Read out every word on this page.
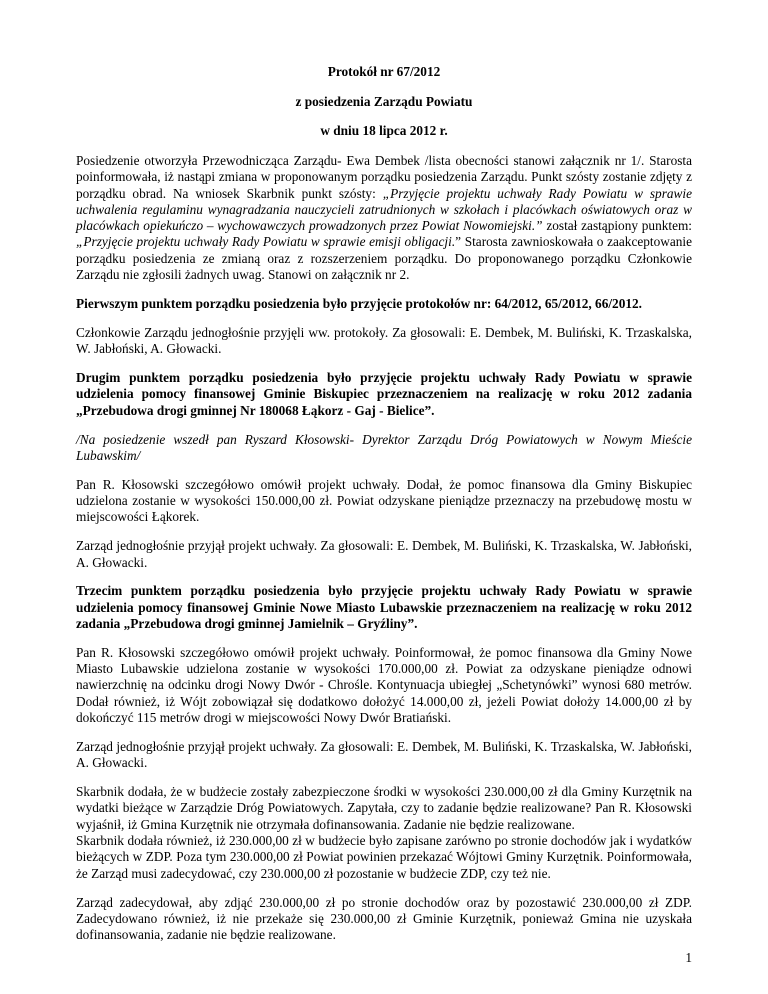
Protokół nr 67/2012
z posiedzenia Zarządu Powiatu
w dniu 18 lipca 2012 r.

Posiedzenie otworzyła Przewodnicząca Zarządu- Ewa Dembek /lista obecności stanowi załącznik nr 1/. Starosta poinformowała, iż nastąpi zmiana w proponowanym porządku posiedzenia Zarządu. Punkt szósty zostanie zdjęty z porządku obrad. Na wniosek Skarbnik punkt szósty: „Przyjęcie projektu uchwały Rady Powiatu w sprawie uchwalenia regulaminu wynagradzania nauczycieli zatrudnionych w szkołach i placówkach oświatowych oraz w placówkach opiekuńczo – wychowawczych prowadzonych przez Powiat Nowomiejski.” został zastąpiony punktem: „Przyjęcie projektu uchwały Rady Powiatu w sprawie emisji obligacji.” Starosta zawnioskowała o zaakceptowanie porządku posiedzenia ze zmianą oraz z rozszerzeniem porządku. Do proponowanego porządku Członkowie Zarządu nie zgłosili żadnych uwag. Stanowi on załącznik nr 2.

Pierwszym punktem porządku posiedzenia było przyjęcie protokołów nr: 64/2012, 65/2012, 66/2012.

Członkowie Zarządu jednogłośnie przyjęli ww. protokoły. Za głosowali: E. Dembek, M. Buliński, K. Trzaskalska, W. Jabłoński, A. Głowacki.

Drugim punktem porządku posiedzenia było przyjęcie projektu uchwały Rady Powiatu w sprawie udzielenia pomocy finansowej Gminie Biskupiec przeznaczeniem na realizację w roku 2012 zadania „Przebudowa drogi gminnej Nr 180068 Łąkorz - Gaj - Bielice”.

/Na posiedzenie wszedł pan Ryszard Kłosowski- Dyrektor Zarządu Dróg Powiatowych w Nowym Mieście Lubawskim/

Pan R. Kłosowski szczegółowo omówił projekt uchwały. Dodał, że pomoc finansowa dla Gminy Biskupiec udzielona zostanie w wysokości 150.000,00 zł. Powiat odzyskane pieniądze przeznaczy na przebudowę mostu w miejscowości Łąkorek.

Zarząd jednogłośnie przyjął projekt uchwały. Za głosowali: E. Dembek, M. Buliński, K. Trzaskalska, W. Jabłoński, A. Głowacki.

Trzecim punktem porządku posiedzenia było przyjęcie projektu uchwały Rady Powiatu w sprawie udzielenia pomocy finansowej Gminie Nowe Miasto Lubawskie przeznaczeniem na realizację w roku 2012 zadania „Przebudowa drogi gminnej Jamielnik – Gryźliny”.

Pan R. Kłosowski szczegółowo omówił projekt uchwały. Poinformował, że pomoc finansowa dla Gminy Nowe Miasto Lubawskie udzielona zostanie w wysokości 170.000,00 zł. Powiat za odzyskane pieniądze odnowi nawierzchnię na odcinku drogi Nowy Dwór - Chrośle. Kontynuacja ubiegłej „Schetynówki” wynosi 680 metrów. Dodał również, iż Wójt zobowiązał się dodatkowo dołożyć 14.000,00 zł, jeżeli Powiat dołoży 14.000,00 zł by dokończyć 115 metrów drogi w miejscowości Nowy Dwór Bratiański.

Zarząd jednogłośnie przyjął projekt uchwały. Za głosowali: E. Dembek, M. Buliński, K. Trzaskalska, W. Jabłoński, A. Głowacki.

Skarbnik dodała, że w budżecie zostały zabezpieczone środki w wysokości 230.000,00 zł dla Gminy Kurzętnik na wydatki bieżące w Zarządzie Dróg Powiatowych. Zapytała, czy to zadanie będzie realizowane? Pan R. Kłosowski wyjaśnił, iż Gmina Kurzętnik nie otrzymała dofinansowania. Zadanie nie będzie realizowane.

Skarbnik dodała również, iż 230.000,00 zł w budżecie było zapisane zarówno po stronie dochodów jak i wydatków bieżących w ZDP. Poza tym 230.000,00 zł Powiat powinien przekazać Wójtowi Gminy Kurzętnik. Poinformowała, że Zarząd musi zadecydować, czy 230.000,00 zł pozostanie w budżecie ZDP, czy też nie.

Zarząd zadecydował, aby zdjąć 230.000,00 zł po stronie dochodów oraz by pozostawić 230.000,00 zł ZDP. Zadecydowano również, iż nie przekaże się 230.000,00 zł Gminie Kurzętnik, ponieważ Gmina nie uzyskała dofinansowania, zadanie nie będzie realizowane.

1
